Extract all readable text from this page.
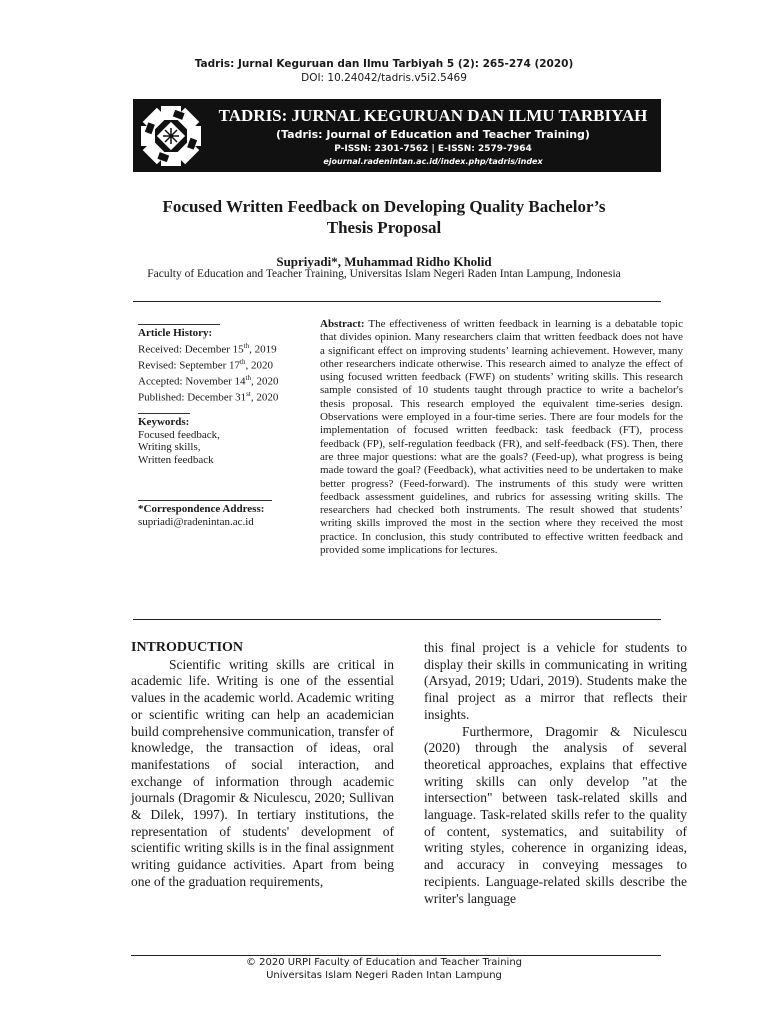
Tadris: Jurnal Keguruan dan Ilmu Tarbiyah 5 (2): 265-274 (2020)
DOI: 10.24042/tadris.v5i2.5469
TADRIS: JURNAL KEGURUAN DAN ILMU TARBIYAH
(Tadris: Journal of Education and Teacher Training)
P-ISSN: 2301-7562 | E-ISSN: 2579-7964
ejournal.radenintan.ac.id/index.php/tadris/index
Focused Written Feedback on Developing Quality Bachelor’s Thesis Proposal
Supriyadi*, Muhammad Ridho Kholid
Faculty of Education and Teacher Training, Universitas Islam Negeri Raden Intan Lampung, Indonesia
Article History:
Received: December 15th, 2019
Revised: September 17th, 2020
Accepted: November 14th, 2020
Published: December 31st, 2020
Keywords:
Focused feedback,
Writing skills,
Written feedback
*Correspondence Address:
supriadi@radenintan.ac.id
Abstract: The effectiveness of written feedback in learning is a debatable topic that divides opinion. Many researchers claim that written feedback does not have a significant effect on improving students’ learning achievement. However, many other researchers indicate otherwise. This research aimed to analyze the effect of using focused written feedback (FWF) on students’ writing skills. This research sample consisted of 10 students taught through practice to write a bachelor's thesis proposal. This research employed the equivalent time-series design. Observations were employed in a four-time series. There are four models for the implementation of focused written feedback: task feedback (FT), process feedback (FP), self-regulation feedback (FR), and self-feedback (FS). Then, there are three major questions: what are the goals? (Feed-up), what progress is being made toward the goal? (Feedback), what activities need to be undertaken to make better progress? (Feed-forward). The instruments of this study were written feedback assessment guidelines, and rubrics for assessing writing skills. The researchers had checked both instruments. The result showed that students’ writing skills improved the most in the section where they received the most practice. In conclusion, this study contributed to effective written feedback and provided some implications for lectures.
INTRODUCTION

Scientific writing skills are critical in academic life. Writing is one of the essential values in the academic world. Academic writing or scientific writing can help an academician build comprehensive communication, transfer of knowledge, the transaction of ideas, oral manifestations of social interaction, and exchange of information through academic journals (Dragomir & Niculescu, 2020; Sullivan & Dilek, 1997). In tertiary institutions, the representation of students' development of scientific writing skills is in the final assignment writing guidance activities. Apart from being one of the graduation requirements,

this final project is a vehicle for students to display their skills in communicating in writing (Arsyad, 2019; Udari, 2019). Students make the final project as a mirror that reflects their insights.

Furthermore, Dragomir & Niculescu (2020) through the analysis of several theoretical approaches, explains that effective writing skills can only develop "at the intersection" between task-related skills and language. Task-related skills refer to the quality of content, systematics, and suitability of writing styles, coherence in organizing ideas, and accuracy in conveying messages to recipients. Language-related skills describe the writer's language

© 2020 URPI Faculty of Education and Teacher Training
Universitas Islam Negeri Raden Intan Lampung
